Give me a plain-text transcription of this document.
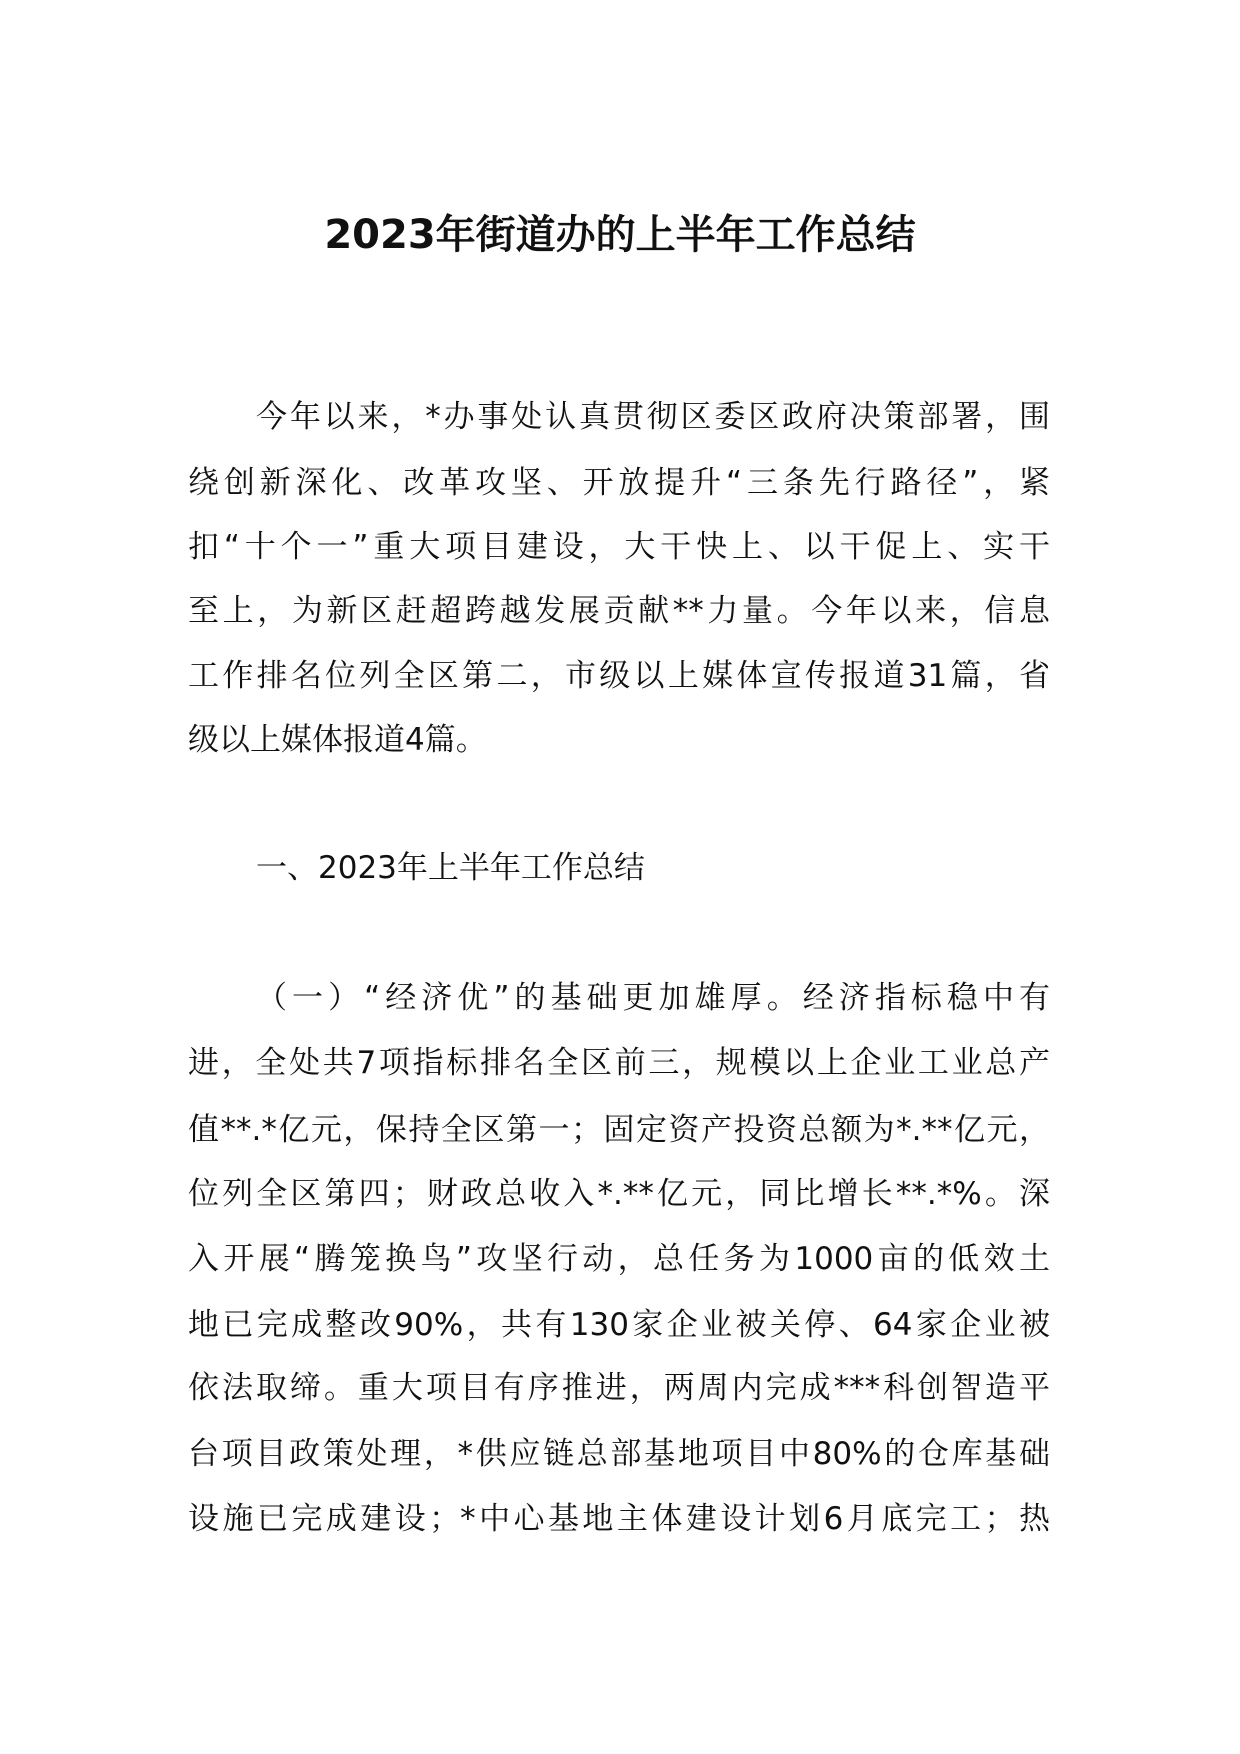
2023年街道办的上半年工作总结
今年以来，*办事处认真贯彻区委区政府决策部署，围
绕创新深化、改革攻坚、开放提升“三条先行路径”，紧
扣“十个一”重大项目建设，大干快上、以干促上、实干
至上，为新区赶超跨越发展贡献**力量。今年以来，信息
工作排名位列全区第二，市级以上媒体宣传报道31篇，省
级以上媒体报道4篇。
一、2023年上半年工作总结
（一）“经济优”的基础更加雄厚。经济指标稳中有
进，全处共7项指标排名全区前三，规模以上企业工业总产
值**.*亿元，保持全区第一；固定资产投资总额为*.**亿元，
位列全区第四；财政总收入*.**亿元，同比增长**.*%。深
入开展“腾笼换鸟”攻坚行动，总任务为1000亩的低效土
地已完成整改90%，共有130家企业被关停、64家企业被
依法取缔。重大项目有序推进，两周内完成***科创智造平
台项目政策处理，*供应链总部基地项目中80%的仓库基础
设施已完成建设；*中心基地主体建设计划6月底完工；热
